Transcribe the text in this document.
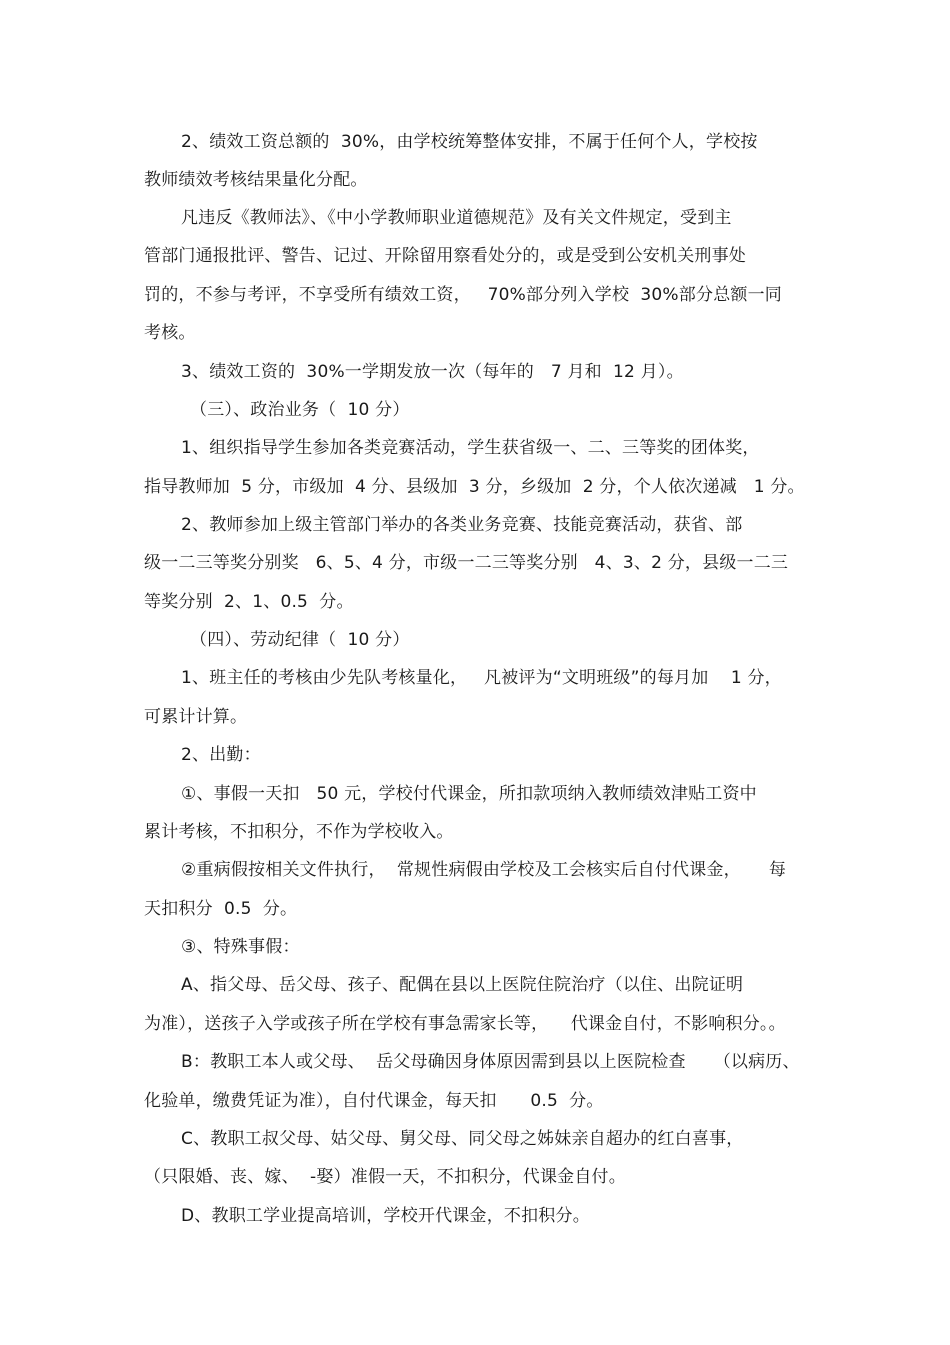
2、绩效工资总额的  30%，由学校统筹整体安排，不属于任何个人，学校按
教师绩效考核结果量化分配。
凡违反《教师法》、《中小学教师职业道德规范》及有关文件规定，受到主
管部门通报批评、警告、记过、开除留用察看处分的，或是受到公安机关刑事处
罚的，不参与考评，不享受所有绩效工资，   70%部分列入学校  30%部分总额一同
考核。
3、绩效工资的  30%一学期发放一次（每年的   7 月和  12 月）。
（三）、政治业务（  10 分）
1、组织指导学生参加各类竞赛活动，学生获省级一、二、三等奖的团体奖，
指导教师加  5 分，市级加  4 分、县级加  3 分，乡级加  2 分，个人依次递减   1 分。
2、教师参加上级主管部门举办的各类业务竞赛、技能竞赛活动，获省、部
级一二三等奖分别奖   6、5、4 分，市级一二三等奖分别   4、3、2 分，县级一二三
等奖分别  2、1、0.5  分。
（四）、劳动纪律（  10 分）
1、班主任的考核由少先队考核量化，   凡被评为“文明班级”的每月加    1 分，
可累计计算。
2、出勤：
①、事假一天扣   50 元，学校付代课金，所扣款项纳入教师绩效津贴工资中
累计考核，不扣积分，不作为学校收入。
②重病假按相关文件执行，  常规性病假由学校及工会核实后自付代课金，     每
天扣积分  0.5  分。
③、特殊事假：
A、指父母、岳父母、孩子、配偶在县以上医院住院治疗（以住、出院证明
为准），送孩子入学或孩子所在学校有事急需家长等，    代课金自付，不影响积分。。
B：教职工本人或父母、  岳父母确因身体原因需到县以上医院检查     （以病历、
化验单，缴费凭证为准），自付代课金，每天扣      0.5  分。
C、教职工叔父母、姑父母、舅父母、同父母之姊妹亲自超办的红白喜事，
（只限婚、丧、嫁、  -娶）准假一天，不扣积分，代课金自付。
D、教职工学业提高培训，学校开代课金，不扣积分。
